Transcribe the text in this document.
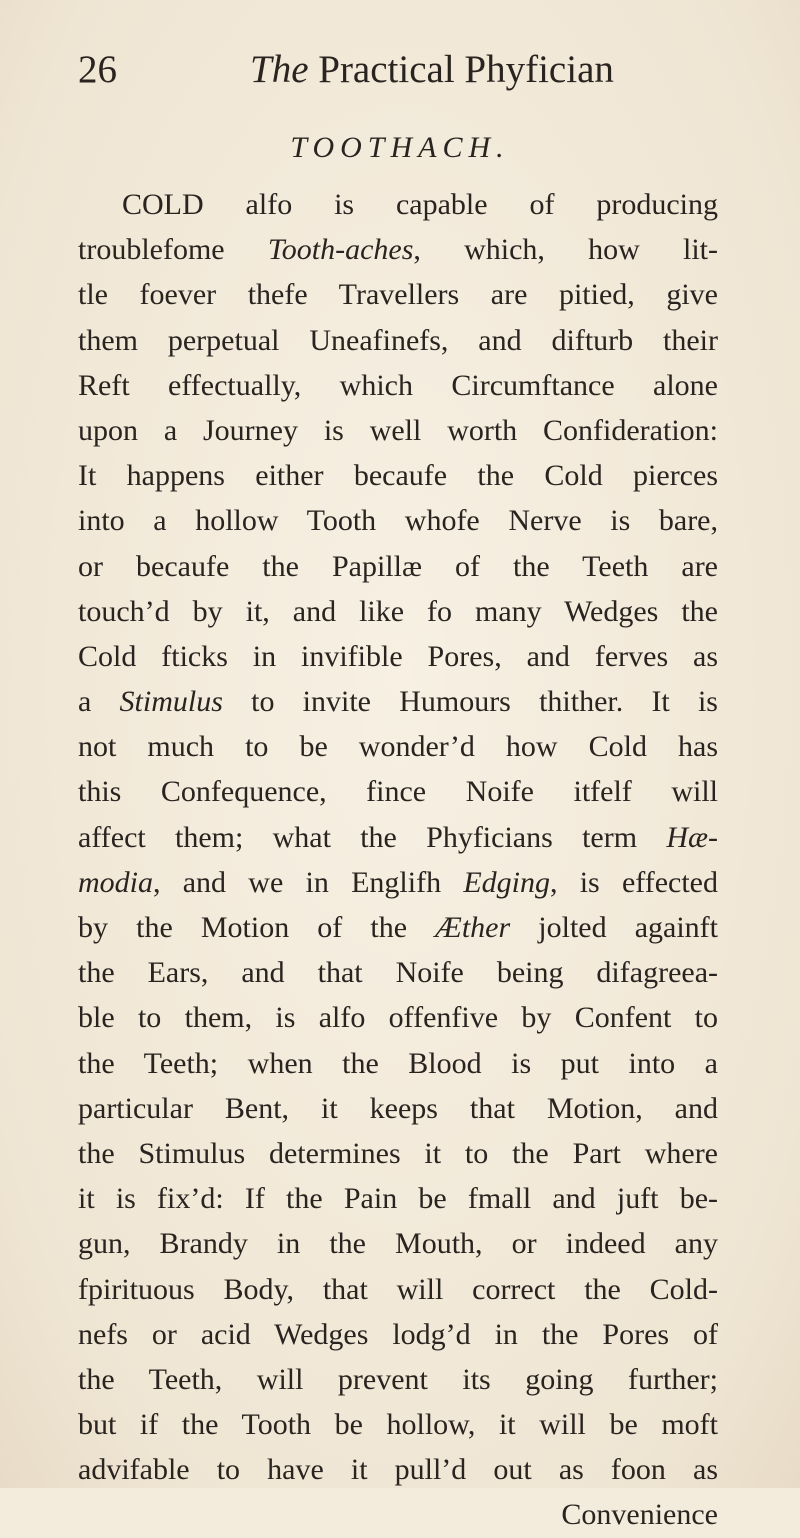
26	The Practical Phyfician
TOOTHACH.
COLD alfo is capable of producing
troublefome Tooth-aches, which, how lit-
tle foever thefe Travellers are pitied, give
them perpetual Uneafinefs, and difturb their
Reft effectually, which Circumftance alone
upon a Journey is well worth Confideration:
It happens either becaufe the Cold pierces
into a hollow Tooth whofe Nerve is bare,
or becaufe the Papillæ of the Teeth are
touch’d by it, and like fo many Wedges the
Cold fticks in invifible Pores, and ferves as
a Stimulus to invite Humours thither. It is
not much to be wonder’d how Cold has
this Confequence, fince Noife itfelf will
affect them; what the Phyficians term Hæ-
modia, and we in Englifh Edging, is effected
by the Motion of the Æther jolted againft
the Ears, and that Noife being difagreea-
ble to them, is alfo offenfive by Confent to
the Teeth; when the Blood is put into a
particular Bent, it keeps that Motion, and
the Stimulus determines it to the Part where
it is fix’d: If the Pain be fmall and juft be-
gun, Brandy in the Mouth, or indeed any
fpirituous Body, that will correct the Cold-
nefs or acid Wedges lodg’d in the Pores of
the Teeth, will prevent its going further;
but if the Tooth be hollow, it will be moft
advifable to have it pull’d out as foon as
Convenience
